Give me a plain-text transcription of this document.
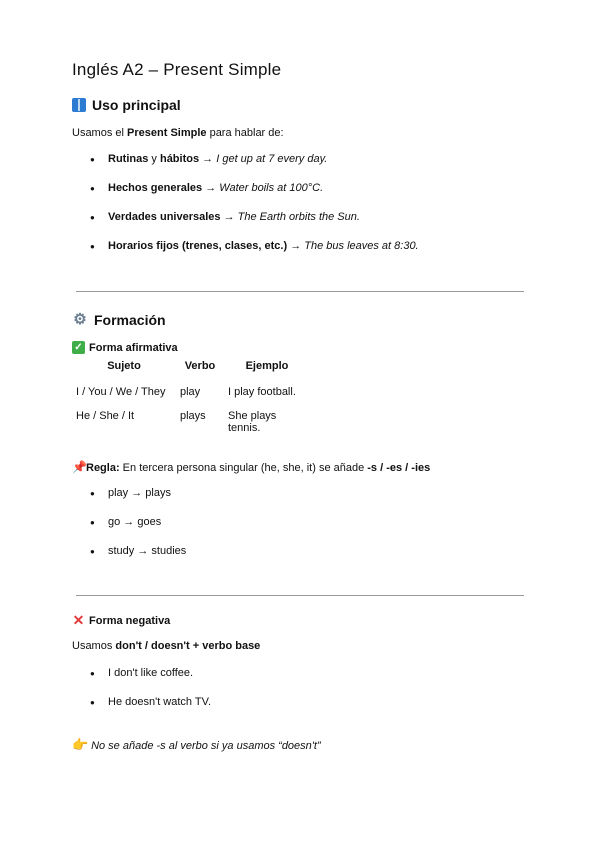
Inglés A2 – Present Simple
Uso principal
Usamos el Present Simple para hablar de:
● Rutinas y hábitos → I get up at 7 every day.
● Hechos generales → Water boils at 100°C.
● Verdades universales → The Earth orbits the Sun.
● Horarios fijos (trenes, clases, etc.) → The bus leaves at 8:30.
⚙ Formación
✓ Forma afirmativa
Sujeto	Verbo	Ejemplo
I / You / We / They	play	I play football.
He / She / It	plays	She plays tennis.
📌Regla: En tercera persona singular (he, she, it) se añade -s / -es / -ies
● play → plays
● go → goes
● study → studies
✕ Forma negativa
Usamos don't / doesn't + verbo base
● I don't like coffee.
● He doesn't watch TV.
👉 No se añade -s al verbo si ya usamos “doesn't”
